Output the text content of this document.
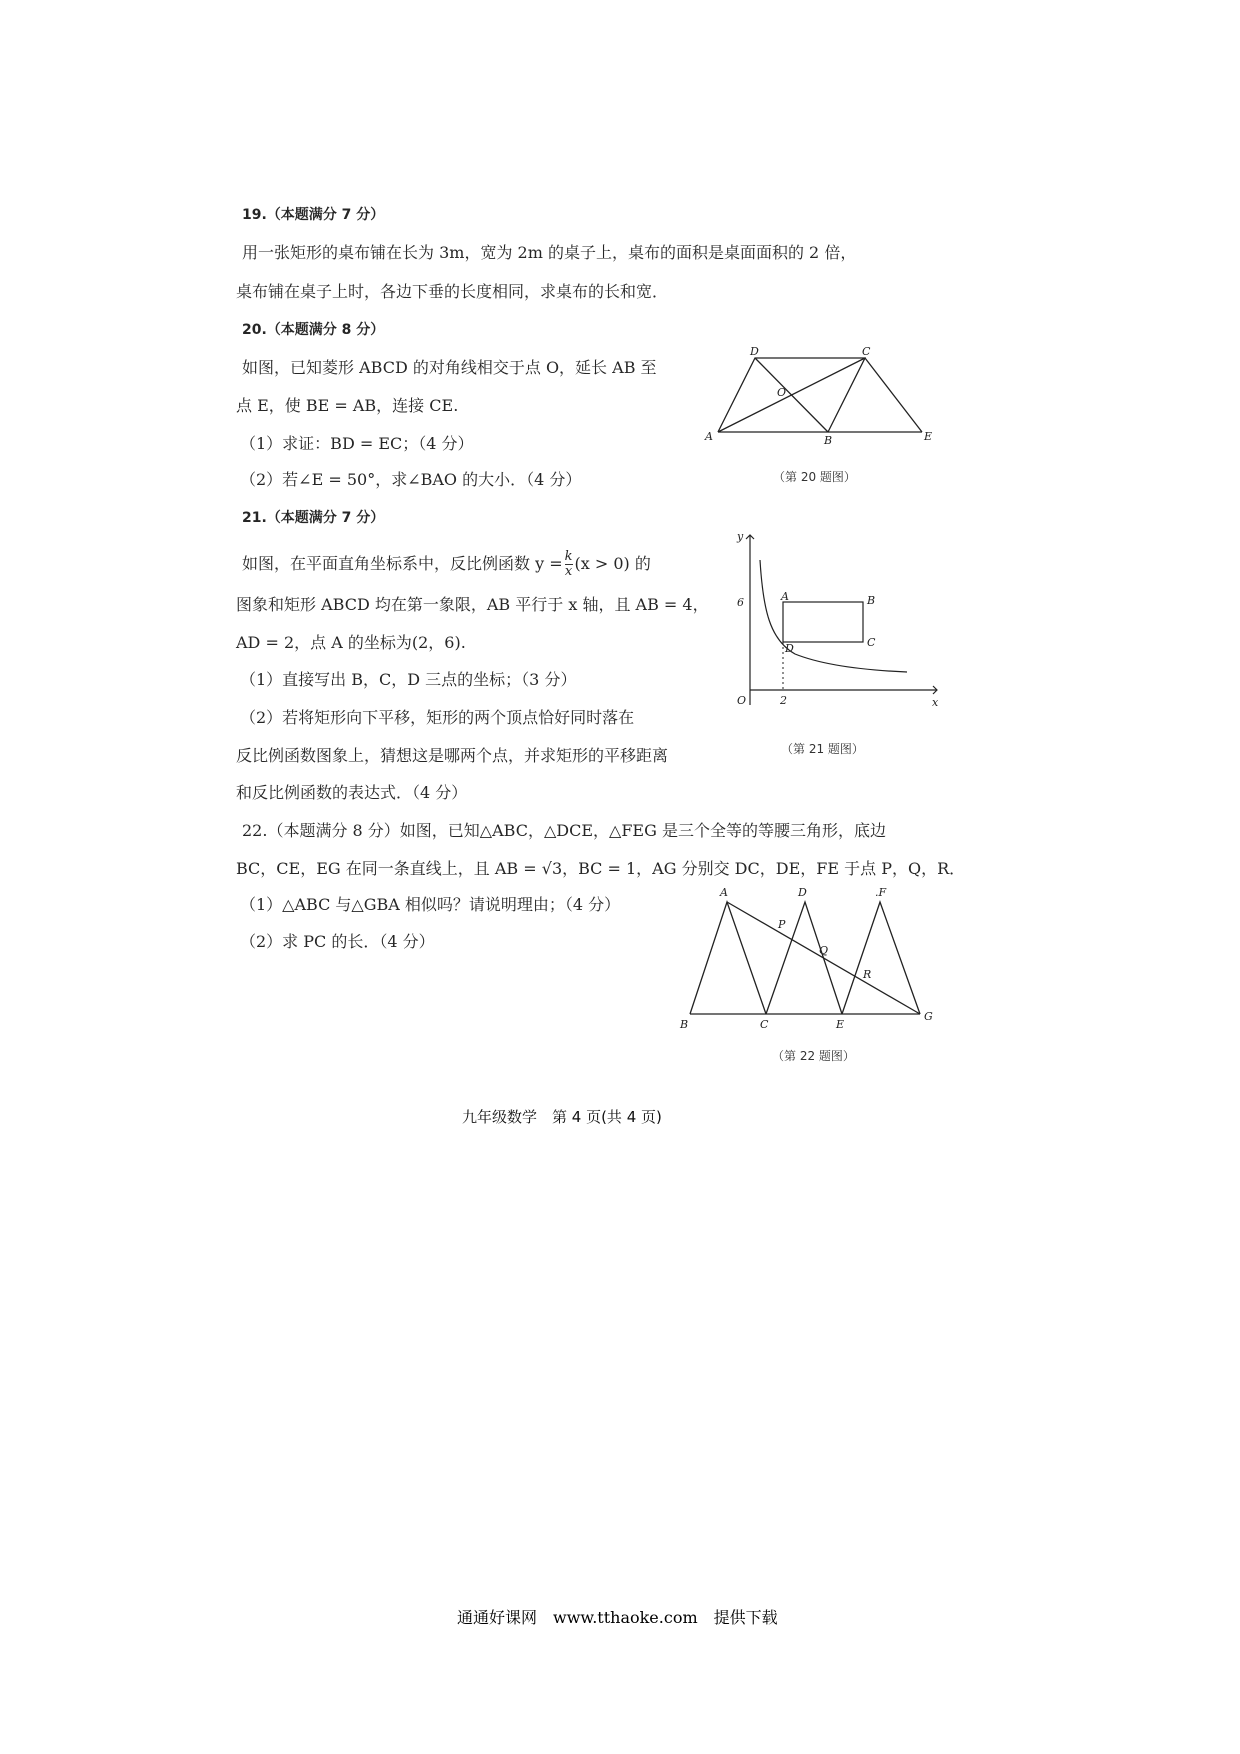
19.（本题满分 7 分）
用一张矩形的桌布铺在长为 3m，宽为 2m 的桌子上，桌布的面积是桌面面积的 2 倍，
桌布铺在桌子上时，各边下垂的长度相同，求桌布的长和宽．
20.（本题满分 8 分）
如图，已知菱形 ABCD 的对角线相交于点 O，延长 AB 至
点 E，使 BE = AB，连接 CE.
（1）求证：BD = EC；（4 分）
（2）若∠E = 50°，求∠BAO 的大小．（4 分）
A
D	C
B	E
O
（第 20 题图）
21.（本题满分 7 分）
如图，在平面直角坐标系中，反比例函数 $y = \frac{k}{x} (x > 0)$ 的
图象和矩形 ABCD 均在第一象限，AB 平行于 x 轴，且 AB = 4，
AD = 2，点 A 的坐标为(2，6).
（1）直接写出 B，C，D 三点的坐标；（3 分）
（2）若将矩形向下平移，矩形的两个顶点恰好同时落在
反比例函数图象上，猜想这是哪两个点，并求矩形的平移距离
和反比例函数的表达式．（4 分）
y
x
O
6
2
A	B
C
D
（第 21 题图）
22.（本题满分 8 分）如图，已知△ABC，△DCE，△FEG 是三个全等的等腰三角形，底边
BC，CE，EG 在同一条直线上，且 AB = √3，BC = 1，AG 分别交 DC，DE，FE 于点 P，Q，R．
（1）△ABC 与△GBA 相似吗？请说明理由；（4 分）
（2）求 PC 的长．（4 分）
A	D	.F
P
Q
R
B	C	E
G
（第 22 题图）
九年级数学　第 4 页(共 4 页)
通通好课网　www.tthaoke.com　提供下载
